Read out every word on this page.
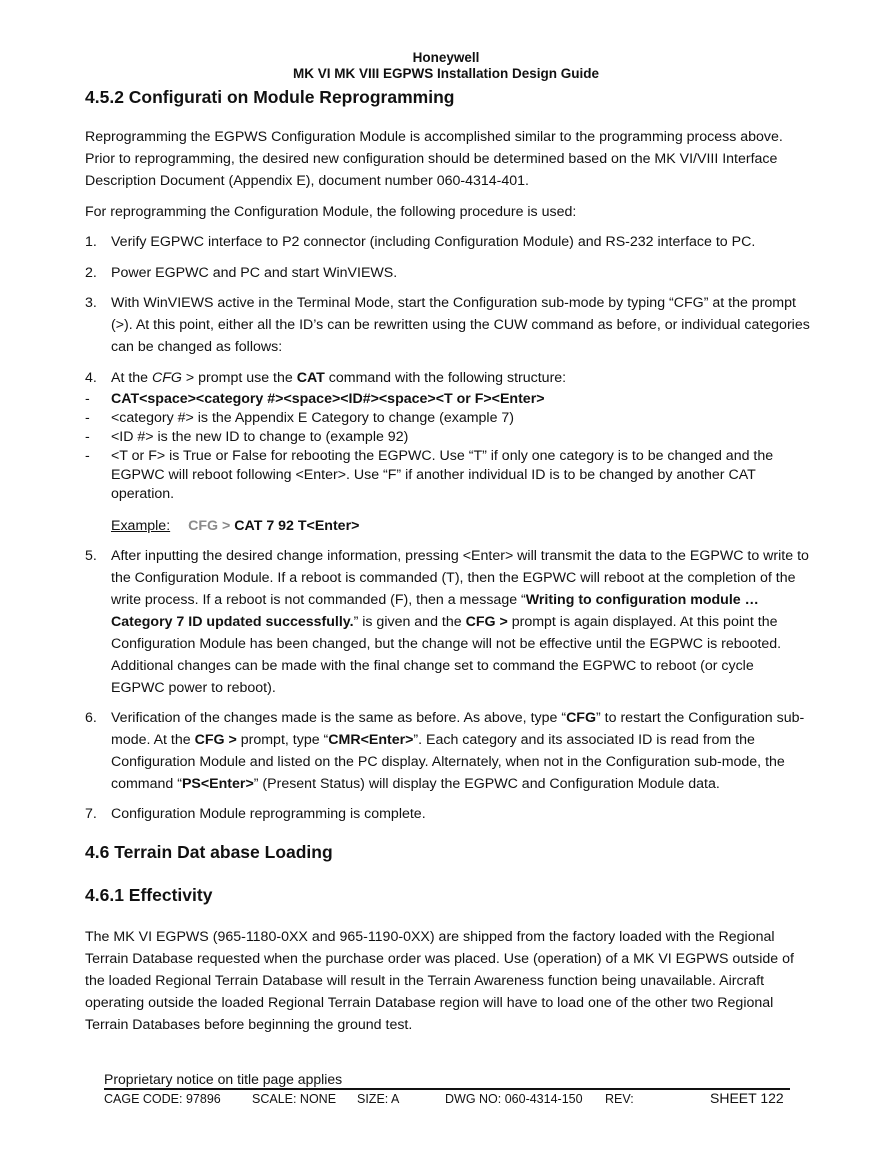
Honeywell
MK VI MK VIII EGPWS Installation Design Guide
4.5.2 Configurati on Module Reprogramming

Reprogramming the EGPWS Configuration Module is accomplished similar to the programming process above. Prior to reprogramming, the desired new configuration should be determined based on the MK VI/VIII Interface Description Document (Appendix E), document number 060-4314-401.

For reprogramming the Configuration Module, the following procedure is used:

1. Verify EGPWC interface to P2 connector (including Configuration Module) and RS-232 interface to PC.
2. Power EGPWC and PC and start WinVIEWS.
3. With WinVIEWS active in the Terminal Mode, start the Configuration sub-mode by typing “CFG” at the prompt (>). At this point, either all the ID’s can be rewritten using the CUW command as before, or individual categories can be changed as follows:
4. At the CFG > prompt use the CAT command with the following structure:
- CAT<space><category #><space><ID#><space><T or F><Enter>
- <category #> is the Appendix E Category to change (example 7)
- <ID #> is the new ID to change to (example 92)
- <T or F> is True or False for rebooting the EGPWC. Use “T” if only one category is to be changed and the EGPWC will reboot following <Enter>. Use “F” if another individual ID is to be changed by another CAT operation.
Example: CFG > CAT 7 92 T<Enter>
5. After inputting the desired change information, pressing <Enter> will transmit the data to the EGPWC to write to the Configuration Module. If a reboot is commanded (T), then the EGPWC will reboot at the completion of the write process. If a reboot is not commanded (F), then a message “Writing to configuration module … Category 7 ID updated successfully.” is given and the CFG > prompt is again displayed. At this point the Configuration Module has been changed, but the change will not be effective until the EGPWC is rebooted. Additional changes can be made with the final change set to command the EGPWC to reboot (or cycle EGPWC power to reboot).
6. Verification of the changes made is the same as before. As above, type “CFG” to restart the Configuration sub-mode. At the CFG > prompt, type “CMR<Enter>”. Each category and its associated ID is read from the Configuration Module and listed on the PC display. Alternately, when not in the Configuration sub-mode, the command “PS<Enter>” (Present Status) will display the EGPWC and Configuration Module data.
7. Configuration Module reprogramming is complete.
4.6 Terrain Dat abase Loading
4.6.1 Effectivity

The MK VI EGPWS (965-1180-0XX and 965-1190-0XX) are shipped from the factory loaded with the Regional Terrain Database requested when the purchase order was placed. Use (operation) of a MK VI EGPWS outside of the loaded Regional Terrain Database will result in the Terrain Awareness function being unavailable. Aircraft operating outside the loaded Regional Terrain Database region will have to load one of the other two Regional Terrain Databases before beginning the ground test.

Proprietary notice on title page applies
CAGE CODE: 97896	SCALE: NONE SIZE: A	DWG NO: 060-4314-150 REV:	SHEET 122
